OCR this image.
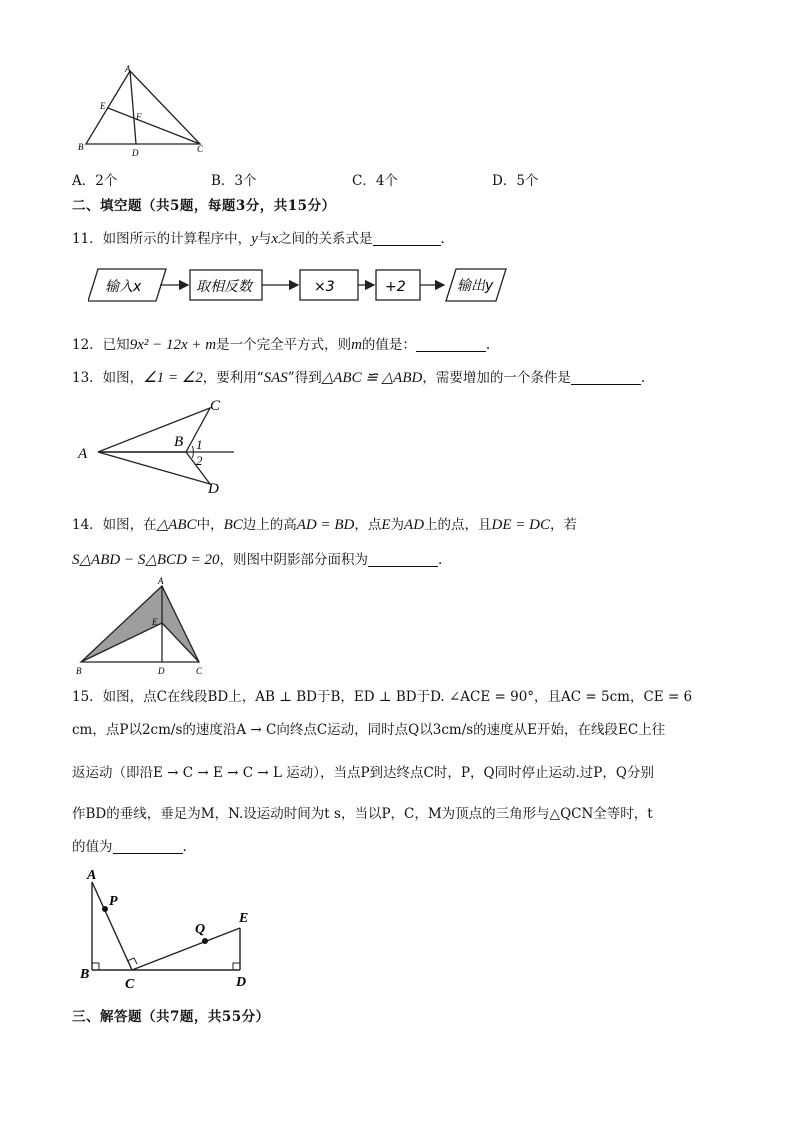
A
E
F
B
D	C
A．2个	B．3个	C．4个	D．5个
二、填空题（共5题，每题3分，共15分）
11．如图所示的计算程序中，y与x之间的关系式是	.
输入x	取相反数	×3	+2	输出y
12．已知9x² − 12x + m是一个完全平方式，则m的值是：	.
13．如图，∠1 = ∠2，要利用“SAS”得到△ABC ≌ △ABD，需要增加的一个条件是	.
A
B
C
D
1
2
14．如图，在△ABC中，BC边上的高AD = BD，点E为AD上的点，且DE = DC，若
S△ABD − S△BCD = 20，则图中阴影部分面积为	.
A
E
B	D	C
15．如图，点C在线段BD上，AB ⊥ BD于B，ED ⊥ BD于D. ∠ACE = 90°，且AC = 5cm，CE = 6
cm，点P以2cm/s的速度沿A → C向终点C运动，同时点Q以3cm/s的速度从E开始，在线段EC上往
返运动（即沿E → C → E → C → L 运动），当点P到达终点C时，P，Q同时停止运动.过P，Q分别
作BD的垂线，垂足为M，N.设运动时间为t s，当以P，C，M为顶点的三角形与△QCN全等时，t
的值为	.
A
P
Q
E
B
C	D
三、解答题（共7题，共55分）
